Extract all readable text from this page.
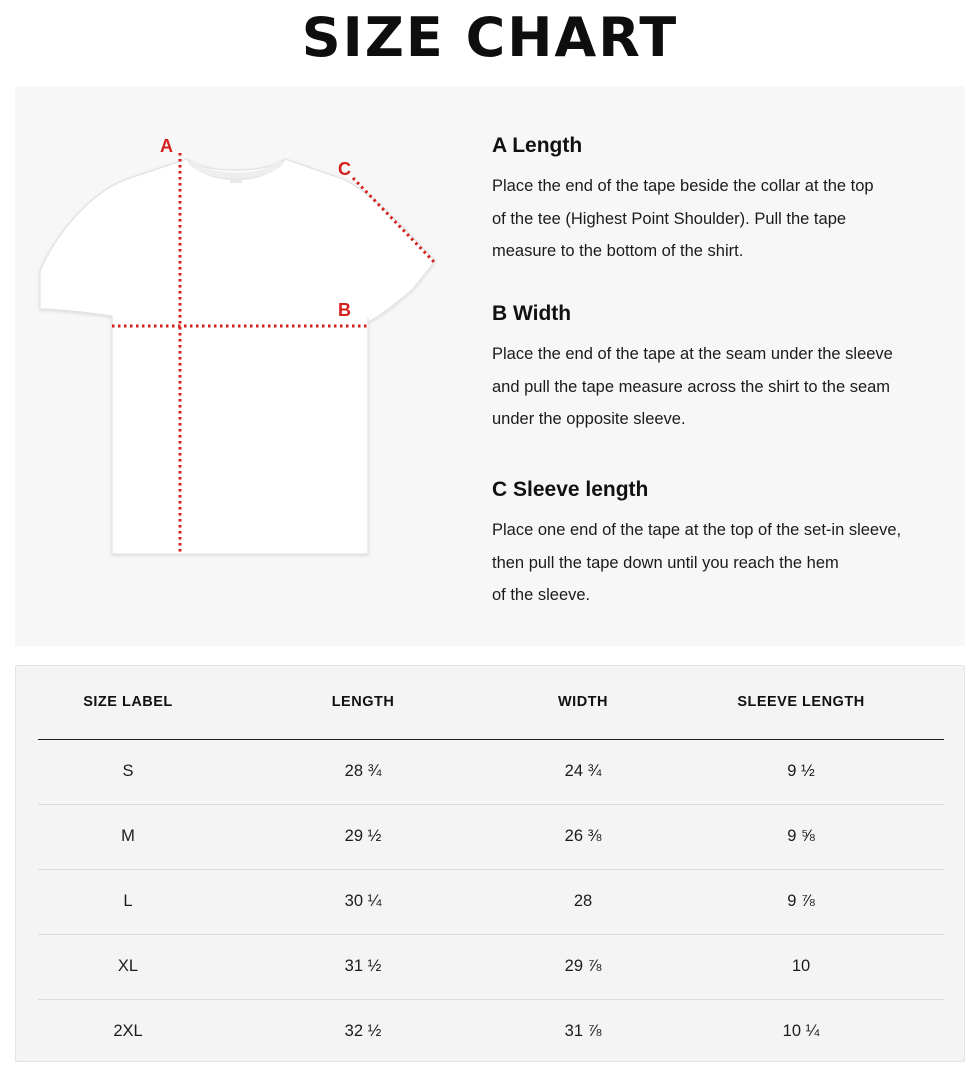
SIZE CHART
A
B
C
A Length

Place the end of the tape beside the collar at the top

of the tee (Highest Point Shoulder). Pull the tape

measure to the bottom of the shirt.

B Width

Place the end of the tape at the seam under the sleeve

and pull the tape measure across the shirt to the seam

under the opposite sleeve.

C Sleeve length

Place one end of the tape at the top of the set-in sleeve,

then pull the tape down until you reach the hem

of the sleeve.

SIZE LABEL	LENGTH	WIDTH	SLEEVE LENGTH
S	28 ¾	24 ¾	9 ½
M	29 ½	26 ⅜	9 ⅝
L	30 ¼	28	9 ⅞
XL	31 ½	29 ⅞	10
2XL	32 ½	31 ⅞	10 ¼
